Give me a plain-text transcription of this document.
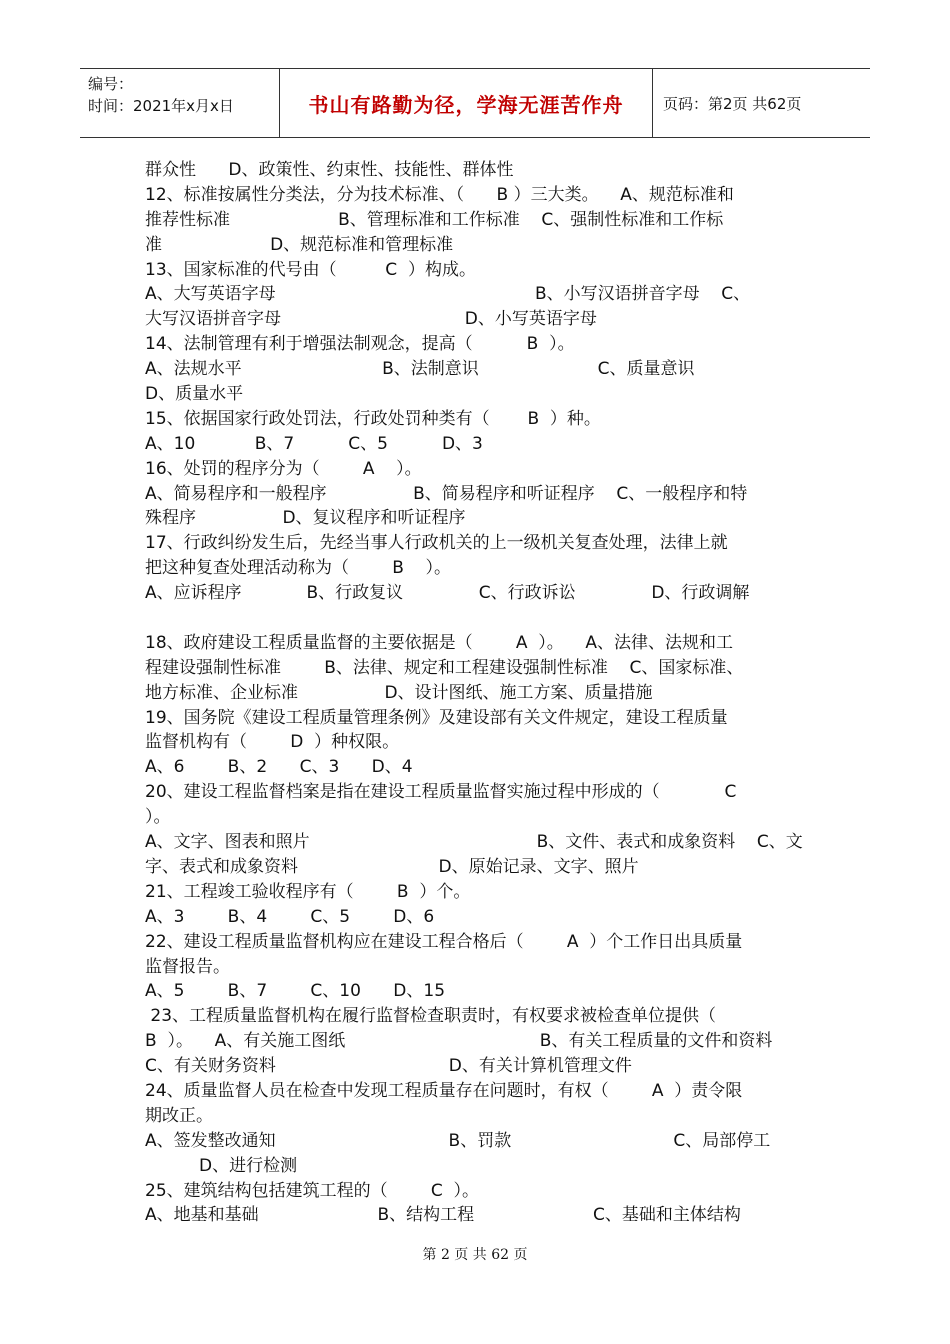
编号：
时间：2021年x月x日	书山有路勤为径，学海无涯苦作舟	页码：第2页 共62页
群众性      D、政策性、约束性、技能性、群体性
12、标准按属性分类法，分为技术标准、（      B ）三大类。    A、规范标准和
推荐性标准                    B、管理标准和工作标准    C、强制性标准和工作标
准                    D、规范标准和管理标准
13、国家标准的代号由（         C  ）构成。
A、大写英语字母                                                B、小写汉语拼音字母    C、
大写汉语拼音字母                                  D、小写英语字母
14、法制管理有利于增强法制观念，提高（          B  ）。
A、法规水平                          B、法制意识                      C、质量意识
D、质量水平
15、依据国家行政处罚法，行政处罚种类有（       B  ）种。
A、10           B、7          C、5          D、3
16、处罚的程序分为（        A    ）。
A、简易程序和一般程序                B、简易程序和听证程序    C、一般程序和特
殊程序                D、复议程序和听证程序
17、行政纠纷发生后，先经当事人行政机关的上一级机关复查处理，法律上就
把这种复查处理活动称为（        B    ）。
A、应诉程序            B、行政复议              C、行政诉讼              D、行政调解
18、政府建设工程质量监督的主要依据是（        A  ）。    A、法律、法规和工
程建设强制性标准        B、法律、规定和工程建设强制性标准    C、国家标准、
地方标准、企业标准                D、设计图纸、施工方案、质量措施
19、国务院《建设工程质量管理条例》及建设部有关文件规定，建设工程质量
监督机构有（        D  ）种权限。
A、6        B、2      C、3      D、4
20、建设工程监督档案是指在建设工程质量监督实施过程中形成的（            C
）。
A、文字、图表和照片                                          B、文件、表式和成象资料    C、文
字、表式和成象资料                          D、原始记录、文字、照片
21、工程竣工验收程序有（        B  ）个。
A、3        B、4        C、5        D、6
22、建设工程质量监督机构应在建设工程合格后（        A  ）个工作日出具质量
监督报告。
A、5        B、7        C、10      D、15
23、工程质量监督机构在履行监督检查职责时，有权要求被检查单位提供（
B  ）。    A、有关施工图纸                                    B、有关工程质量的文件和资料
C、有关财务资料                                D、有关计算机管理文件
24、质量监督人员在检查中发现工程质量存在问题时，有权（        A  ）责令限
期改正。
A、签发整改通知                                B、罚款                              C、局部停工
D、进行检测
25、建筑结构包括建筑工程的（        C  ）。
A、地基和基础                      B、结构工程                      C、基础和主体结构
第 2 页 共 62 页
